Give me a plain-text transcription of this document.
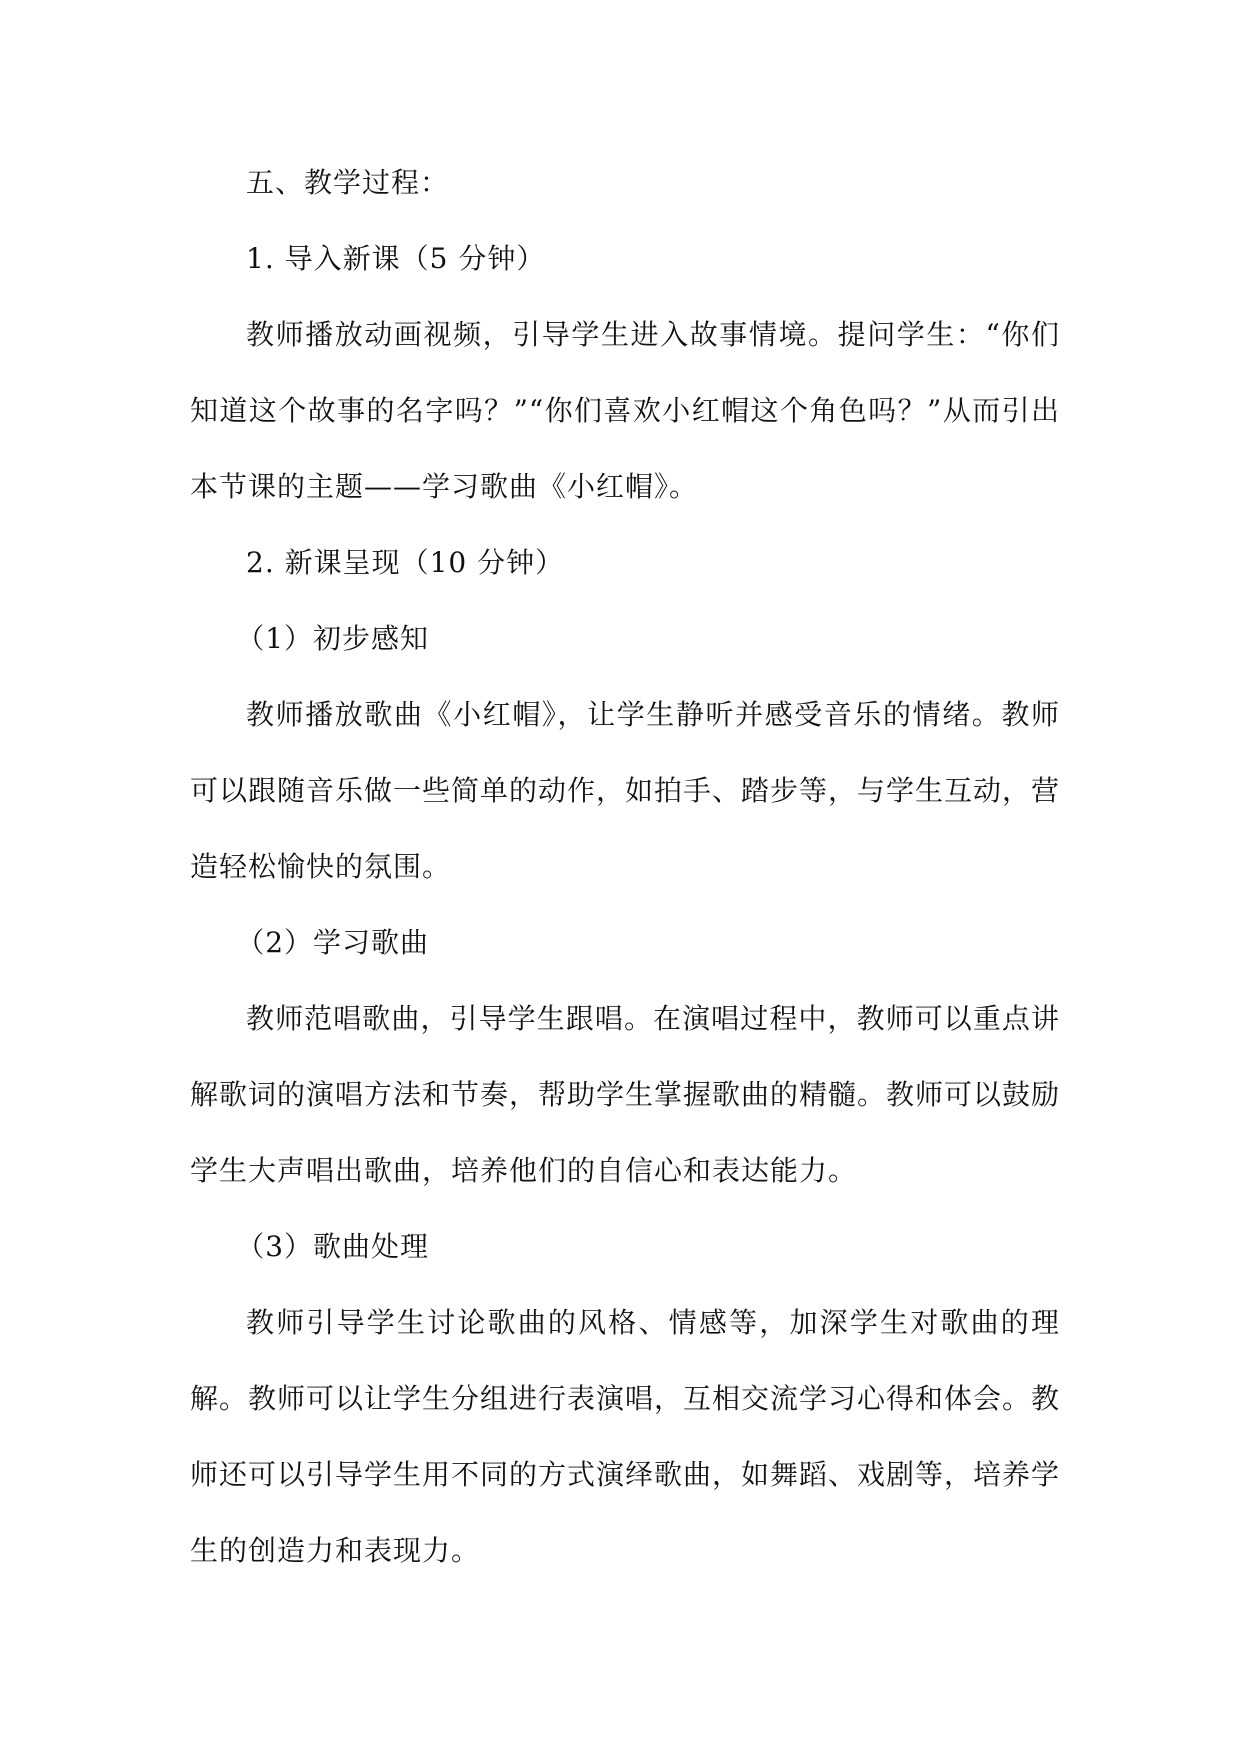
五、教学过程：

1. 导入新课（5 分钟）

教师播放动画视频，引导学生进入故事情境。提问学生：“你们知道这个故事的名字吗？”“你们喜欢小红帽这个角色吗？”从而引出本节课的主题——学习歌曲《小红帽》。

2. 新课呈现（10 分钟）

（1）初步感知

教师播放歌曲《小红帽》，让学生静听并感受音乐的情绪。教师可以跟随音乐做一些简单的动作，如拍手、踏步等，与学生互动，营造轻松愉快的氛围。

（2）学习歌曲

教师范唱歌曲，引导学生跟唱。在演唱过程中，教师可以重点讲解歌词的演唱方法和节奏，帮助学生掌握歌曲的精髓。教师可以鼓励学生大声唱出歌曲，培养他们的自信心和表达能力。

（3）歌曲处理

教师引导学生讨论歌曲的风格、情感等，加深学生对歌曲的理解。教师可以让学生分组进行表演唱，互相交流学习心得和体会。教师还可以引导学生用不同的方式演绎歌曲，如舞蹈、戏剧等，培养学生的创造力和表现力。
